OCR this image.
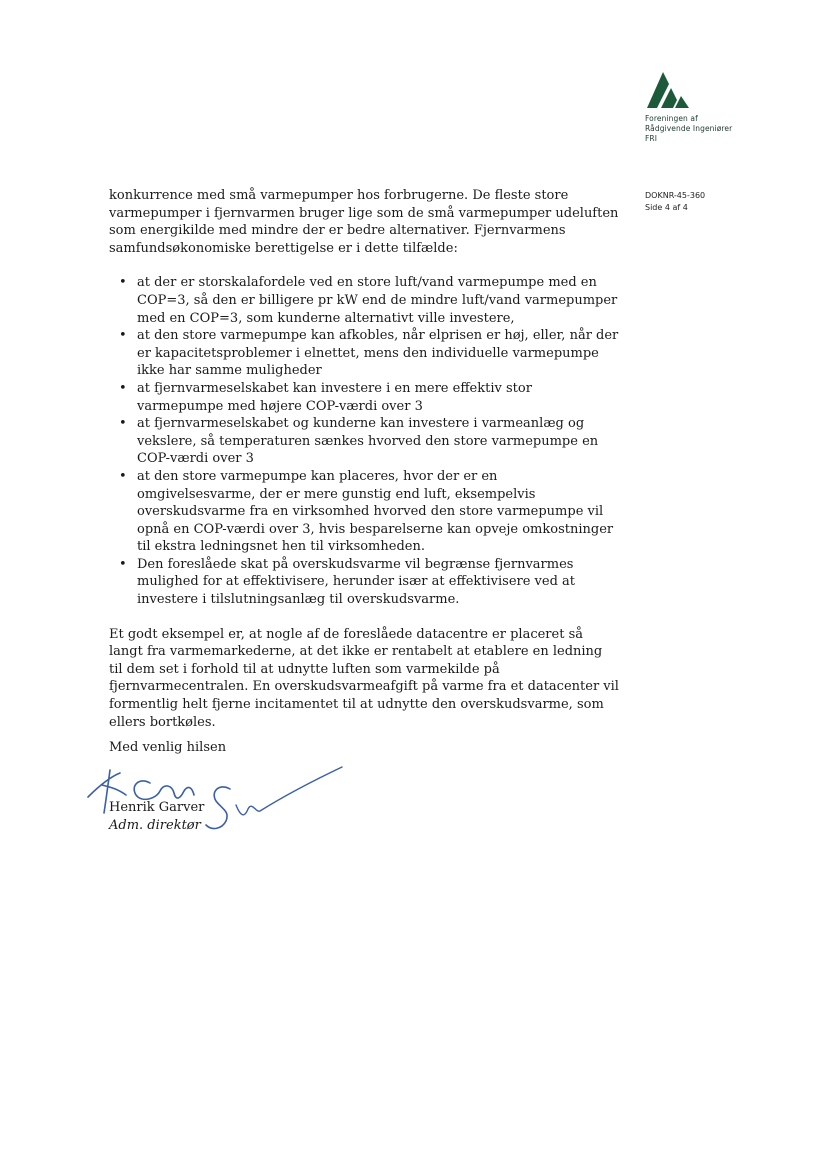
Foreningen af
Rådgivende Ingeniører
FRI
DOKNR-45-360
Side 4 af 4

konkurrence med små varmepumper hos forbrugerne. De fleste store varmepumper i fjernvarmen bruger lige som de små varmepumper udeluften som energikilde med mindre der er bedre alternativer. Fjernvarmens samfundsøkonomiske berettigelse er i dette tilfælde:

• at der er storskalafordele ved en store luft/vand varmepumpe med en COP=3, så den er billigere pr kW end de mindre luft/vand varmepumper med en COP=3, som kunderne alternativt ville investere,
• at den store varmepumpe kan afkobles, når elprisen er høj, eller, når der er kapacitetsproblemer i elnettet, mens den individuelle varmepumpe ikke har samme muligheder
• at fjernvarmeselskabet kan investere i en mere effektiv stor varmepumpe med højere COP-værdi over 3
• at fjernvarmeselskabet og kunderne kan investere i varmeanlæg og vekslere, så temperaturen sænkes hvorved den store varmepumpe en COP-værdi over 3
• at den store varmepumpe kan placeres, hvor der er en omgivelsesvarme, der er mere gunstig end luft, eksempelvis overskudsvarme fra en virksomhed hvorved den store varmepumpe vil opnå en COP-værdi over 3, hvis besparelserne kan opveje omkostninger til ekstra ledningsnet hen til virksomheden.
• Den foreslåede skat på overskudsvarme vil begrænse fjernvarmes mulighed for at effektivisere, herunder især at effektivisere ved at investere i tilslutningsanlæg til overskudsvarme.

Et godt eksempel er, at nogle af de foreslåede datacentre er placeret så langt fra varmemarkederne, at det ikke er rentabelt at etablere en ledning til dem set i forhold til at udnytte luften som varmekilde på fjernvarmecentralen. En overskudsvarmeafgift på varme fra et datacenter vil formentlig helt fjerne incitamentet til at udnytte den overskudsvarme, som ellers bortkøles.

Med venlig hilsen
Henrik Garver
Adm. direktør
